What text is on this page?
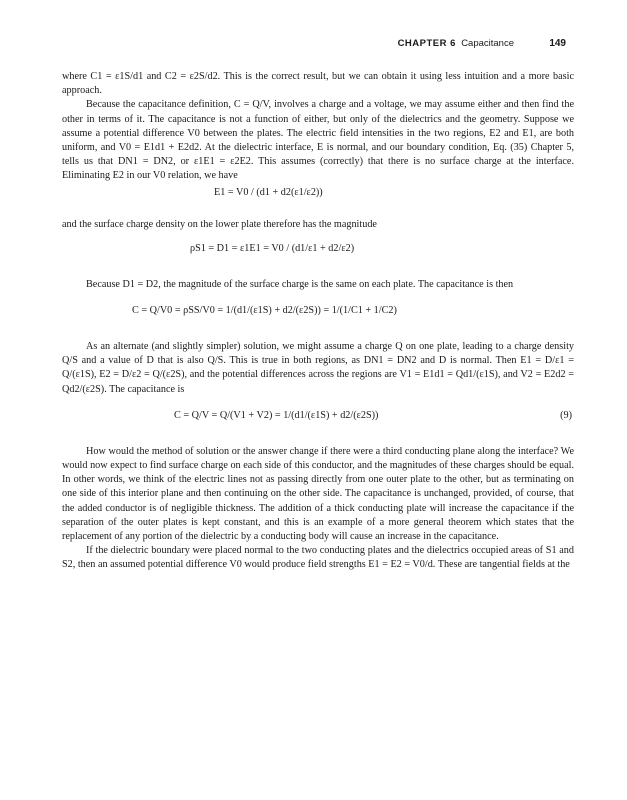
CHAPTER 6 Capacitance	149

where C1 = ε1S/d1 and C2 = ε2S/d2. This is the correct result, but we can obtain it using less intuition and a more basic approach.

Because the capacitance definition, C = Q/V, involves a charge and a voltage, we may assume either and then find the other in terms of it. The capacitance is not a function of either, but only of the dielectrics and the geometry. Suppose we assume a potential difference V0 between the plates. The electric field intensities in the two regions, E2 and E1, are both uniform, and V0 = E1d1 + E2d2. At the dielectric interface, E is normal, and our boundary condition, Eq. (35) Chapter 5, tells us that DN1 = DN2, or ε1E1 = ε2E2. This assumes (correctly) that there is no surface charge at the interface. Eliminating E2 in our V0 relation, we have

E1 = V0 / (d1 + d2(ε1/ε2))

and the surface charge density on the lower plate therefore has the magnitude

ρS1 = D1 = ε1E1 = V0 / (d1/ε1 + d2/ε2)

Because D1 = D2, the magnitude of the surface charge is the same on each plate. The capacitance is then

C = Q/V0 = ρSS/V0 = 1/(d1/(ε1S) + d2/(ε2S)) = 1/(1/C1 + 1/C2)

As an alternate (and slightly simpler) solution, we might assume a charge Q on one plate, leading to a charge density Q/S and a value of D that is also Q/S. This is true in both regions, as DN1 = DN2 and D is normal. Then E1 = D/ε1 = Q/(ε1S), E2 = D/ε2 = Q/(ε2S), and the potential differences across the regions are V1 = E1d1 = Qd1/(ε1S), and V2 = E2d2 = Qd2/(ε2S). The capacitance is

C = Q/V = Q/(V1 + V2) = 1/(d1/(ε1S) + d2/(ε2S))	(9)

How would the method of solution or the answer change if there were a third conducting plane along the interface? We would now expect to find surface charge on each side of this conductor, and the magnitudes of these charges should be equal. In other words, we think of the electric lines not as passing directly from one outer plate to the other, but as terminating on one side of this interior plane and then continuing on the other side. The capacitance is unchanged, provided, of course, that the added conductor is of negligible thickness. The addition of a thick conducting plate will increase the capacitance if the separation of the outer plates is kept constant, and this is an example of a more general theorem which states that the replacement of any portion of the dielectric by a conducting body will cause an increase in the capacitance.

If the dielectric boundary were placed normal to the two conducting plates and the dielectrics occupied areas of S1 and S2, then an assumed potential difference V0 would produce field strengths E1 = E2 = V0/d. These are tangential fields at the
